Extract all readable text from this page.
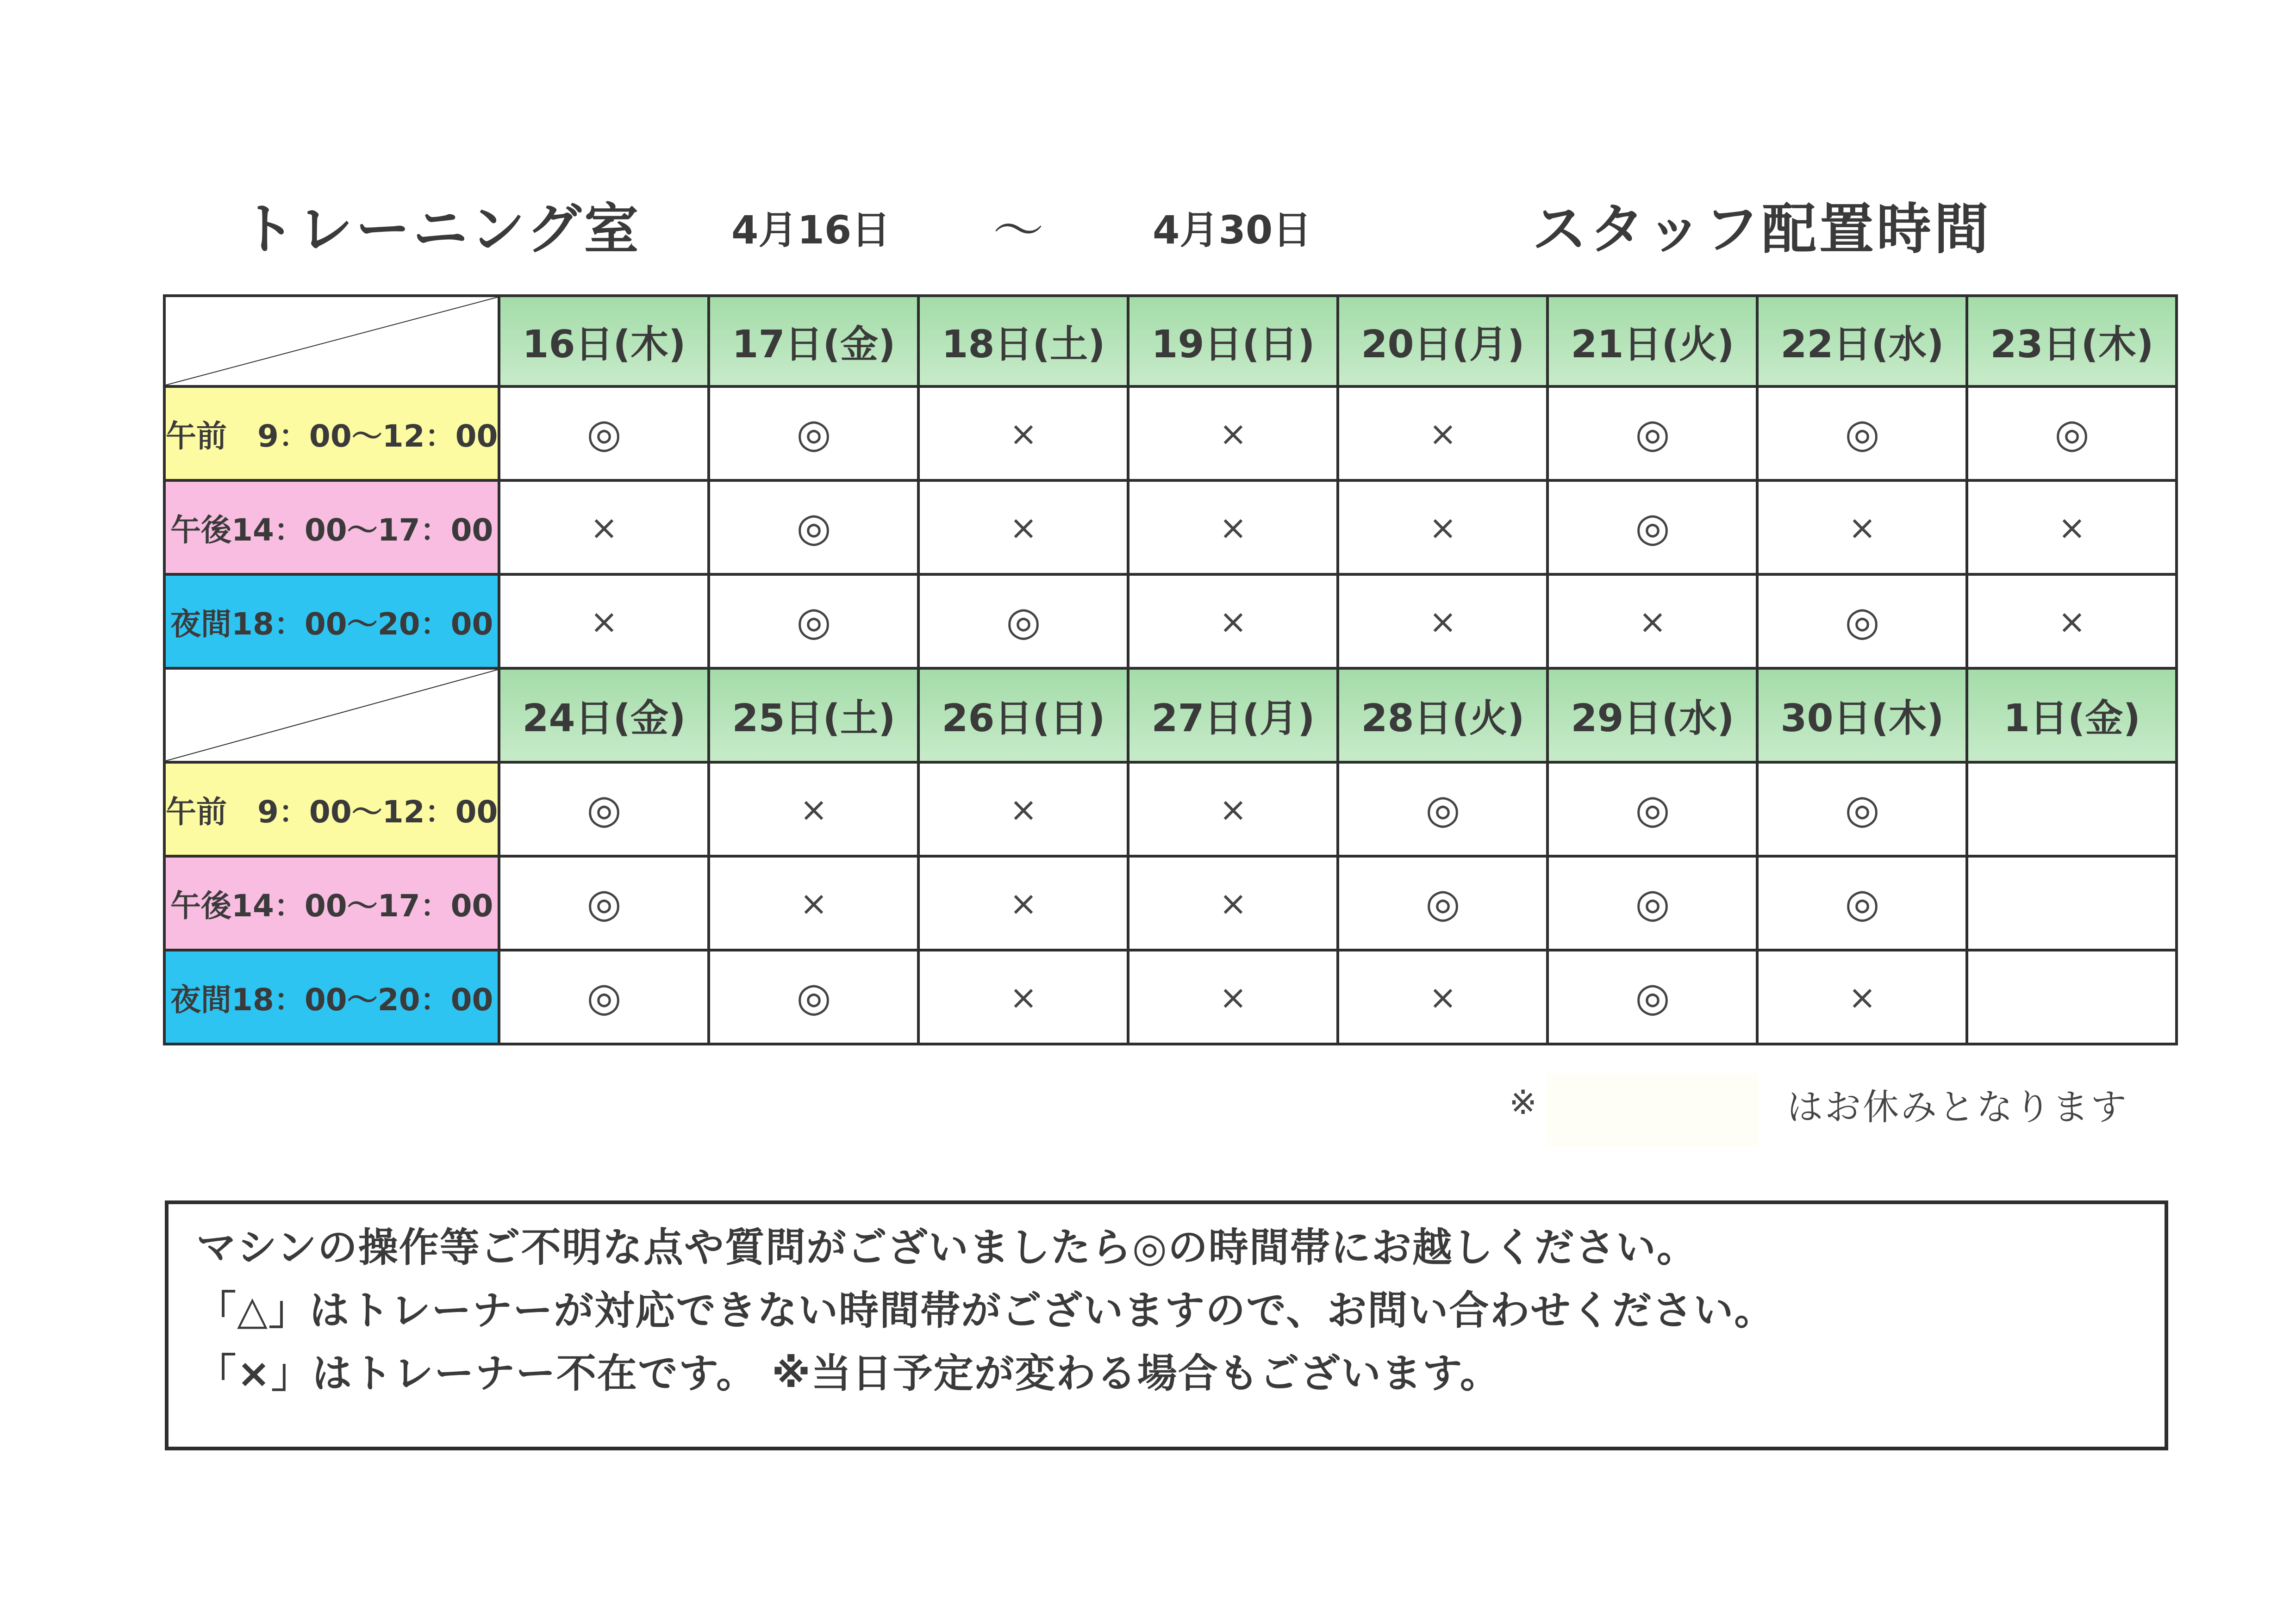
トレーニング室 4月16日 ～	4月30日	スタッフ配置時間
	16日(木)	17日(金)	18日(土)	19日(日)	20日(月)	21日(火)	22日(水)	23日(木)
午前　9：00～12：00	◎	◎	×	×	×	◎	◎	◎
午後14：00～17：00	×	◎	×	×	×	◎	×	×
夜間18：00～20：00	×	◎	◎	×	×	×	◎	×

	24日(金)	25日(土)	26日(日)	27日(月)	28日(火)	29日(水)	30日(木)	1日(金)
午前　9：00～12：00	◎	×	×	×	◎	◎	◎	
午後14：00～17：00	◎	×	×	×	◎	◎	◎	
夜間18：00～20：00	◎	◎	×	×	×	◎	×	
※	はお休みとなります
マシンの操作等ご不明な点や質問がございましたら◎の時間帯にお越しください。
「△」はトレーナーが対応できない時間帯がございますので、お問い合わせください。
「×」はトレーナー不在です。 ※当日予定が変わる場合もございます。
